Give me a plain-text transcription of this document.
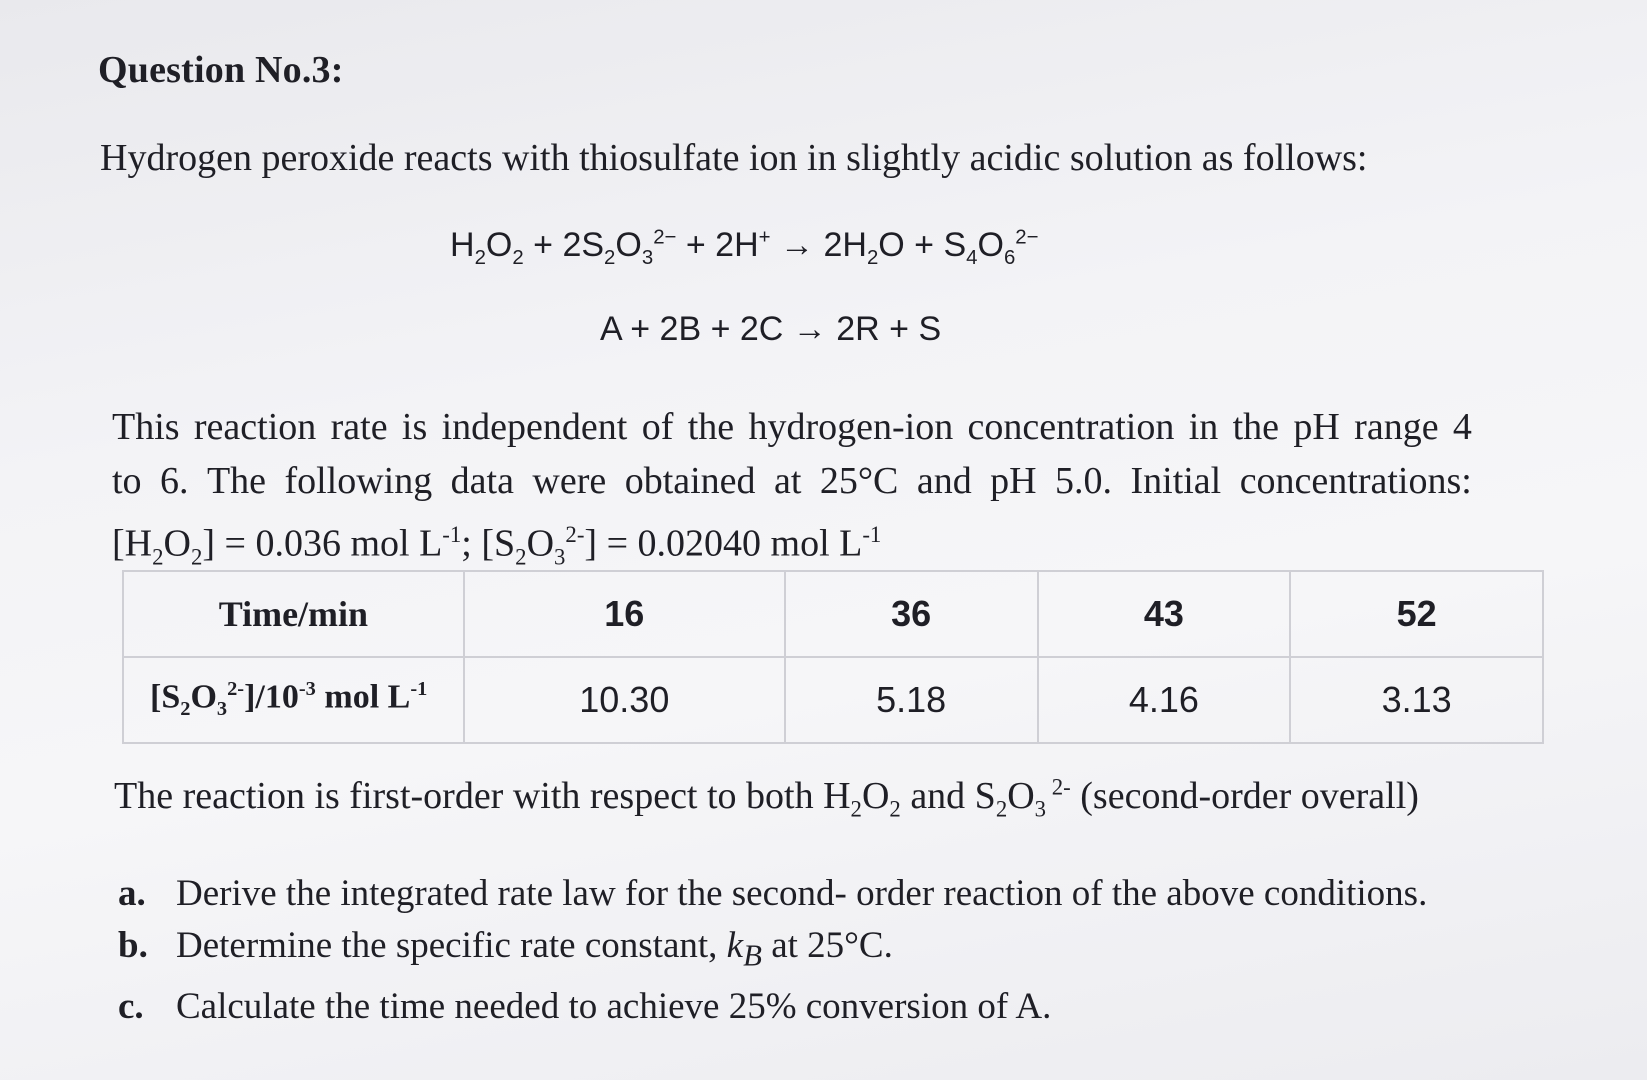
Question No.3:
Hydrogen peroxide reacts with thiosulfate ion in slightly acidic solution as follows:
$H_2O_2 + 2S_2O_3^{2-} + 2H^+ \to 2H_2O + S_4O_6^{2-}$
A + 2B + 2C → 2R + S
This reaction rate is independent of the hydrogen-ion concentration in the pH range 4
to 6. The following data were obtained at 25°C and pH 5.0. Initial concentrations:
$[H_2O_2] = 0.036$ mol $L^{-1}$; $[S_2O_3^{2-}] = 0.02040$ mol $L^{-1}$
Time/min	16	36	43	52
$[S_2O_3^{2-}]/10^{-3}$ mol $L^{-1}$	10.30	5.18	4.16	3.13
The reaction is first-order with respect to both $H_2O_2$ and $S_2O_3$ $^{2-}$ (second-order overall)
a. Derive the integrated rate law for the second- order reaction of the above conditions.
b. Determine the specific rate constant, $k_B$ at 25°C.
c. Calculate the time needed to achieve 25% conversion of A.
